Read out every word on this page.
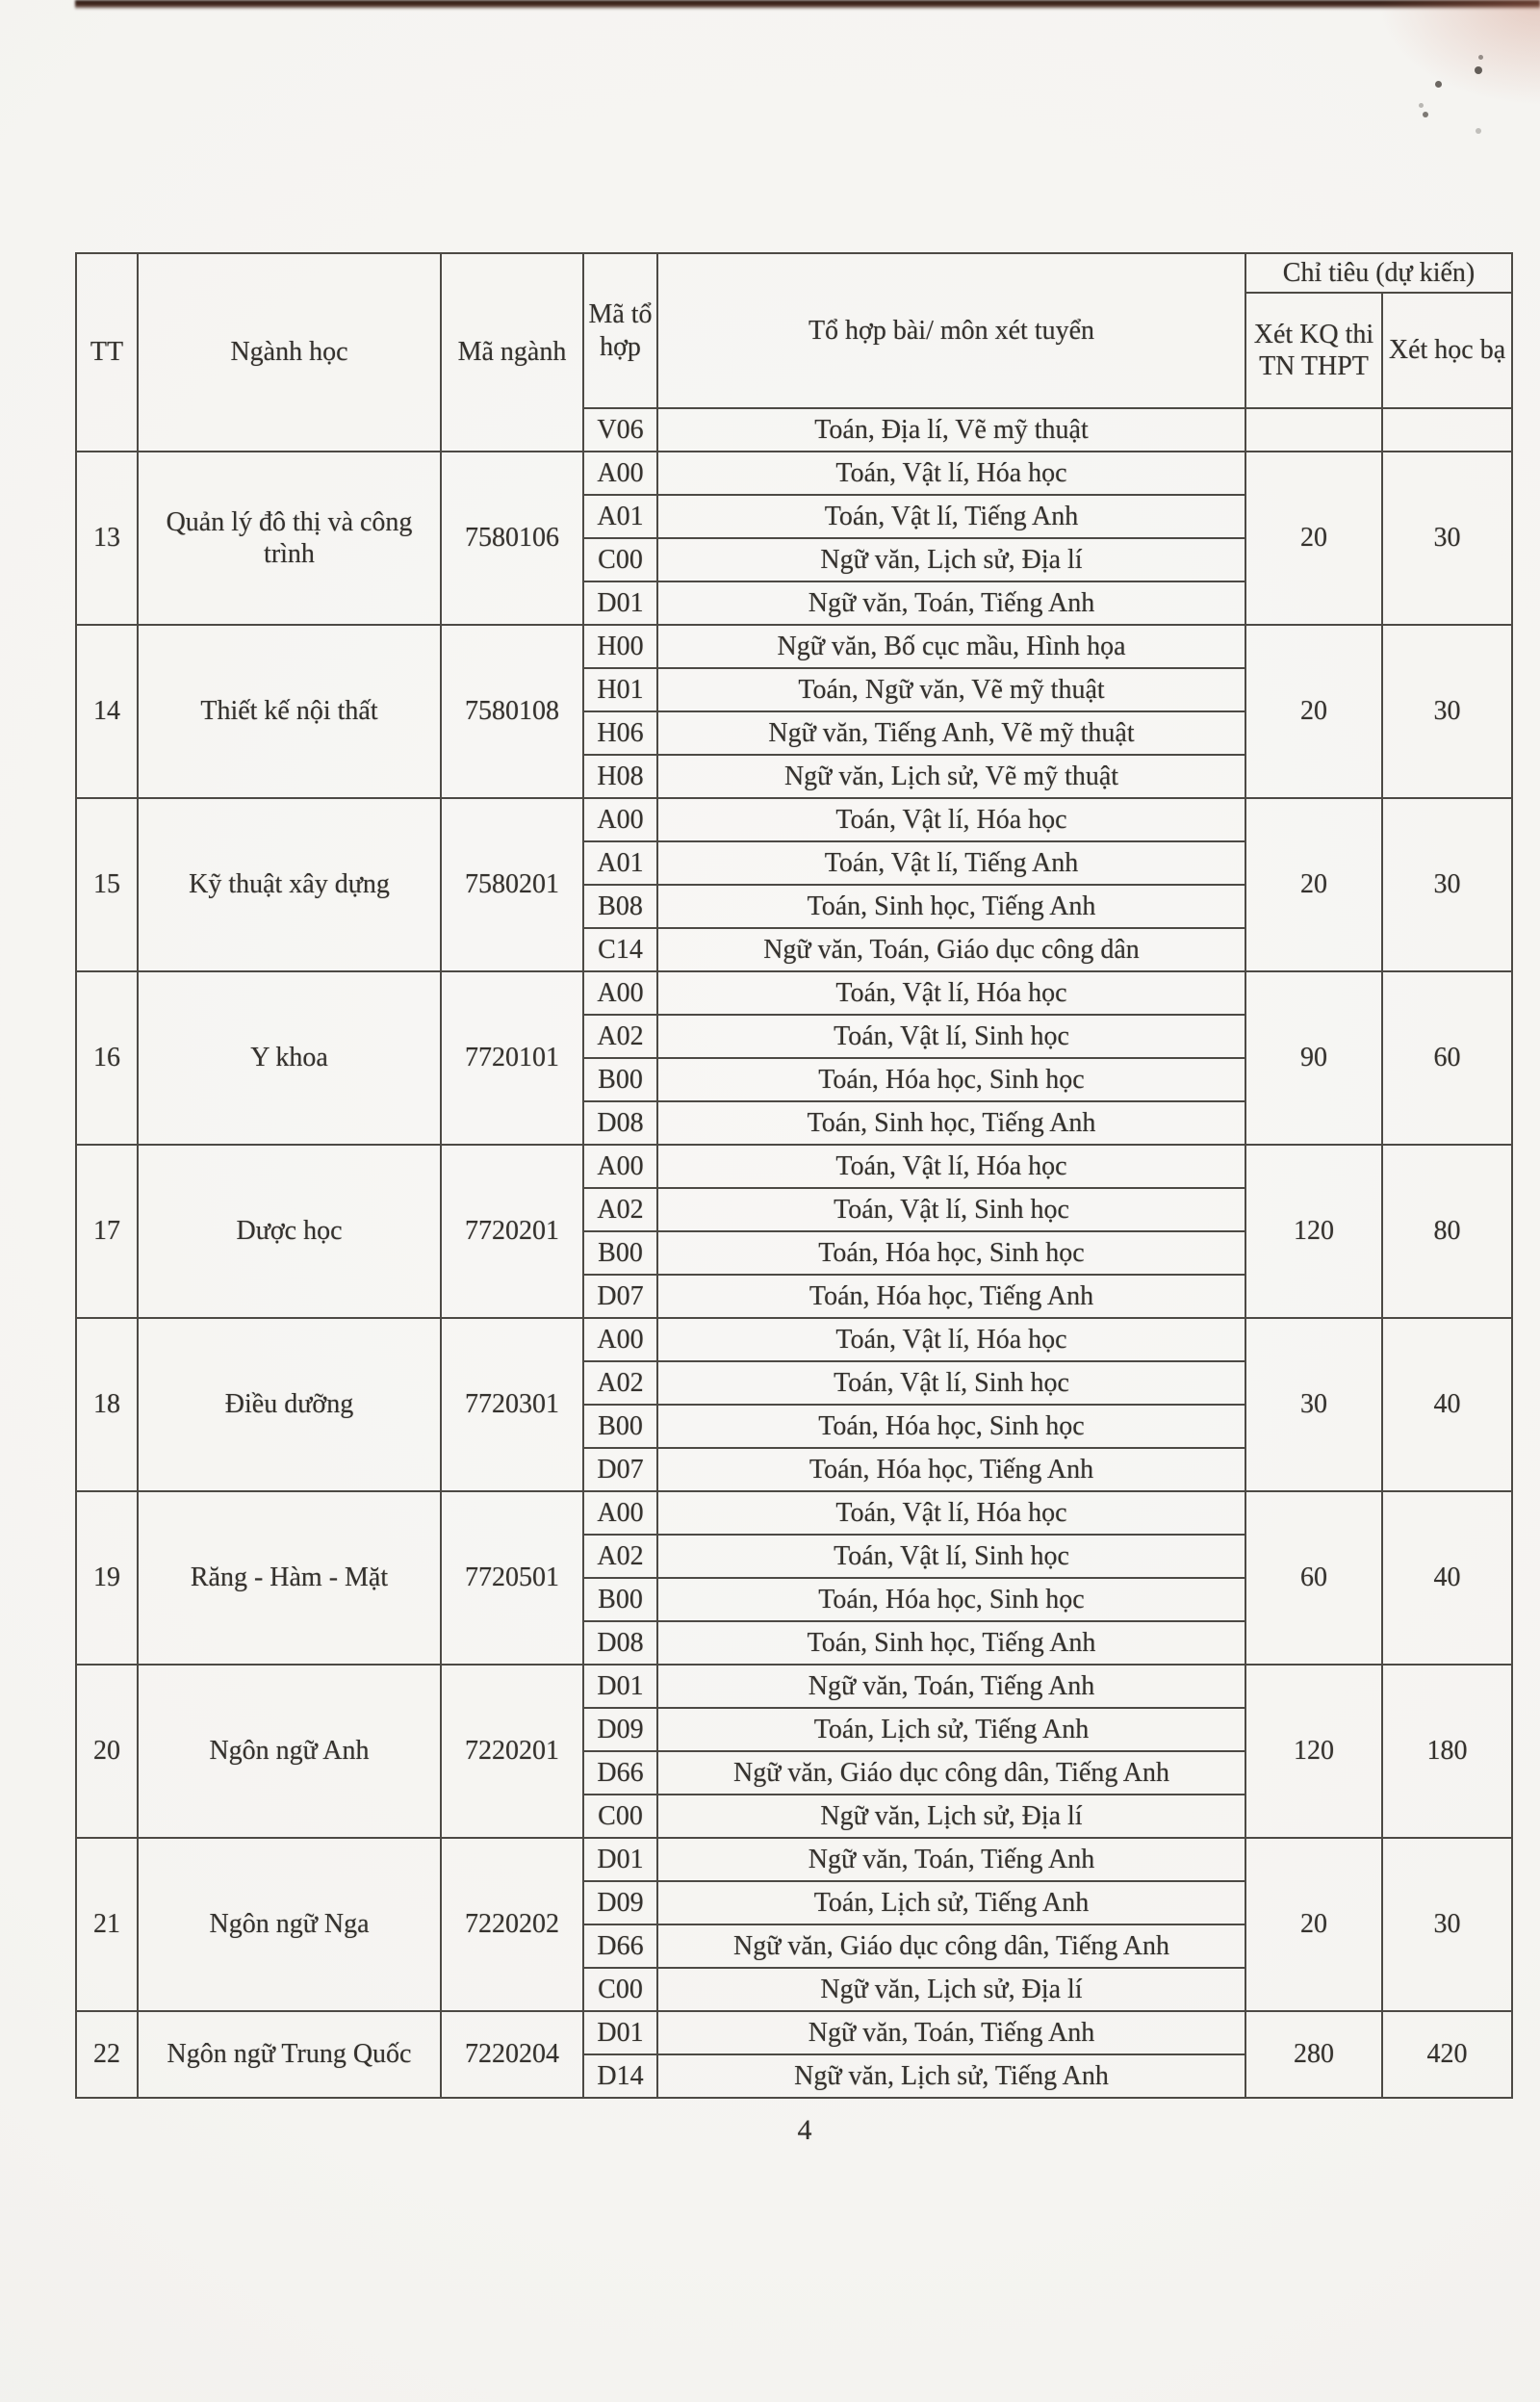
TT	Ngành học	Mã ngành	Mã tổ hợp	Tổ hợp bài/ môn xét tuyển	Chỉ tiêu (dự kiến)	
					Xét KQ thi TN THPT	Xét học bạ
			V06	Toán, Địa lí, Vẽ mỹ thuật		
13	Quản lý đô thị và công trình	7580106	A00	Toán, Vật lí, Hóa học	20	30
			A01	Toán, Vật lí, Tiếng Anh		
			C00	Ngữ văn, Lịch sử, Địa lí		
			D01	Ngữ văn, Toán, Tiếng Anh		
14	Thiết kế nội thất	7580108	H00	Ngữ văn, Bố cục mầu, Hình họa	20	30
			H01	Toán, Ngữ văn, Vẽ mỹ thuật		
			H06	Ngữ văn, Tiếng Anh, Vẽ mỹ thuật		
			H08	Ngữ văn, Lịch sử, Vẽ mỹ thuật		
15	Kỹ thuật xây dựng	7580201	A00	Toán, Vật lí, Hóa học	20	30
			A01	Toán, Vật lí, Tiếng Anh		
			B08	Toán, Sinh học, Tiếng Anh		
			C14	Ngữ văn, Toán, Giáo dục công dân		
16	Y khoa	7720101	A00	Toán, Vật lí, Hóa học	90	60
			A02	Toán, Vật lí, Sinh học		
			B00	Toán, Hóa học, Sinh học		
			D08	Toán, Sinh học, Tiếng Anh		
17	Dược học	7720201	A00	Toán, Vật lí, Hóa học	120	80
			A02	Toán, Vật lí, Sinh học		
			B00	Toán, Hóa học, Sinh học		
			D07	Toán, Hóa học, Tiếng Anh		
18	Điều dưỡng	7720301	A00	Toán, Vật lí, Hóa học	30	40
			A02	Toán, Vật lí, Sinh học		
			B00	Toán, Hóa học, Sinh học		
			D07	Toán, Hóa học, Tiếng Anh		
19	Răng - Hàm - Mặt	7720501	A00	Toán, Vật lí, Hóa học	60	40
			A02	Toán, Vật lí, Sinh học		
			B00	Toán, Hóa học, Sinh học		
			D08	Toán, Sinh học, Tiếng Anh		
20	Ngôn ngữ Anh	7220201	D01	Ngữ văn, Toán, Tiếng Anh	120	180
			D09	Toán, Lịch sử, Tiếng Anh		
			D66	Ngữ văn, Giáo dục công dân, Tiếng Anh		
			C00	Ngữ văn, Lịch sử, Địa lí		
21	Ngôn ngữ Nga	7220202	D01	Ngữ văn, Toán, Tiếng Anh	20	30
			D09	Toán, Lịch sử, Tiếng Anh		
			D66	Ngữ văn, Giáo dục công dân, Tiếng Anh		
			C00	Ngữ văn, Lịch sử, Địa lí		
22	Ngôn ngữ Trung Quốc	7220204	D01	Ngữ văn, Toán, Tiếng Anh	280	420
			D14	Ngữ văn, Lịch sử, Tiếng Anh		
4
